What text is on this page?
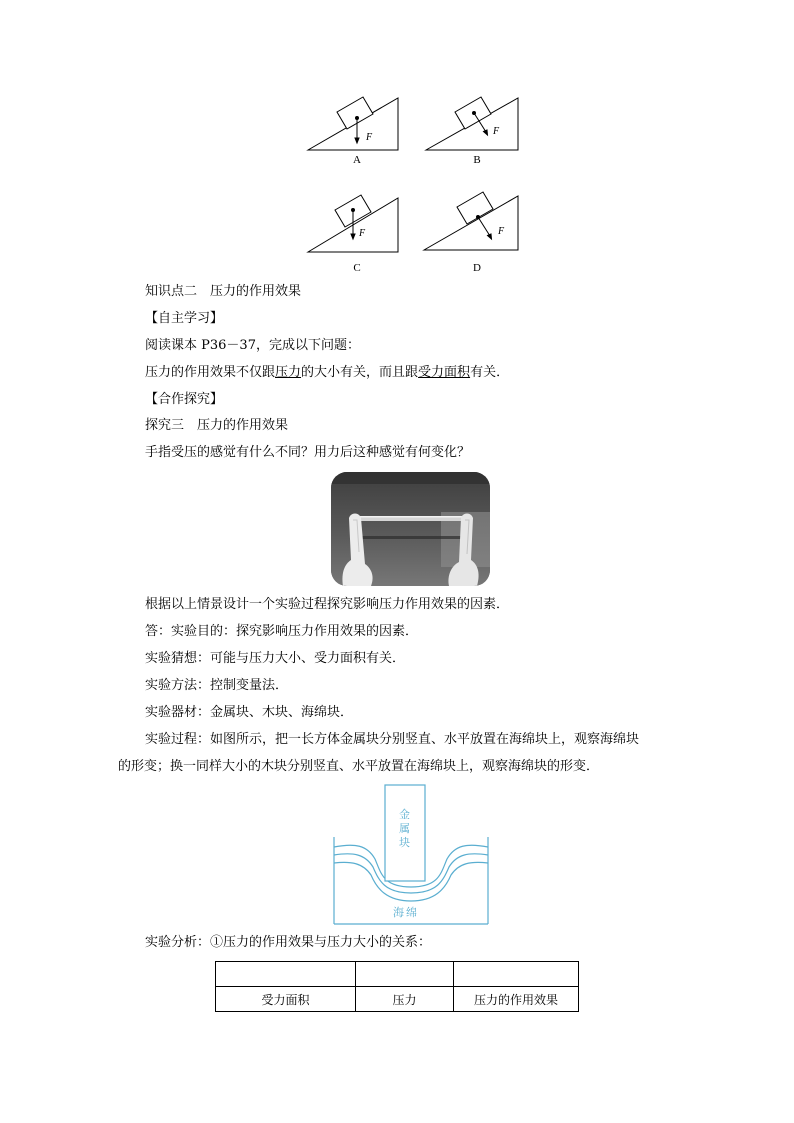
F
F
F	F
A	B
C	D
知识点二　压力的作用效果
【自主学习】
阅读课本 P36－37，完成以下问题：
压力的作用效果不仅跟压力的大小有关，而且跟受力面积有关．
【合作探究】
探究三　压力的作用效果
手指受压的感觉有什么不同？用力后这种感觉有何变化？
根据以上情景设计一个实验过程探究影响压力作用效果的因素．
答：实验目的：探究影响压力作用效果的因素．
实验猜想：可能与压力大小、受力面积有关．
实验方法：控制变量法．
实验器材：金属块、木块、海绵块．
实验过程：如图所示，把一长方体金属块分别竖直、水平放置在海绵块上，观察海绵块
的形变；换一同样大小的木块分别竖直、水平放置在海绵块上，观察海绵块的形变．
金属块
海绵
实验分析：①压力的作用效果与压力大小的关系：

受力面积	压力	压力的作用效果
